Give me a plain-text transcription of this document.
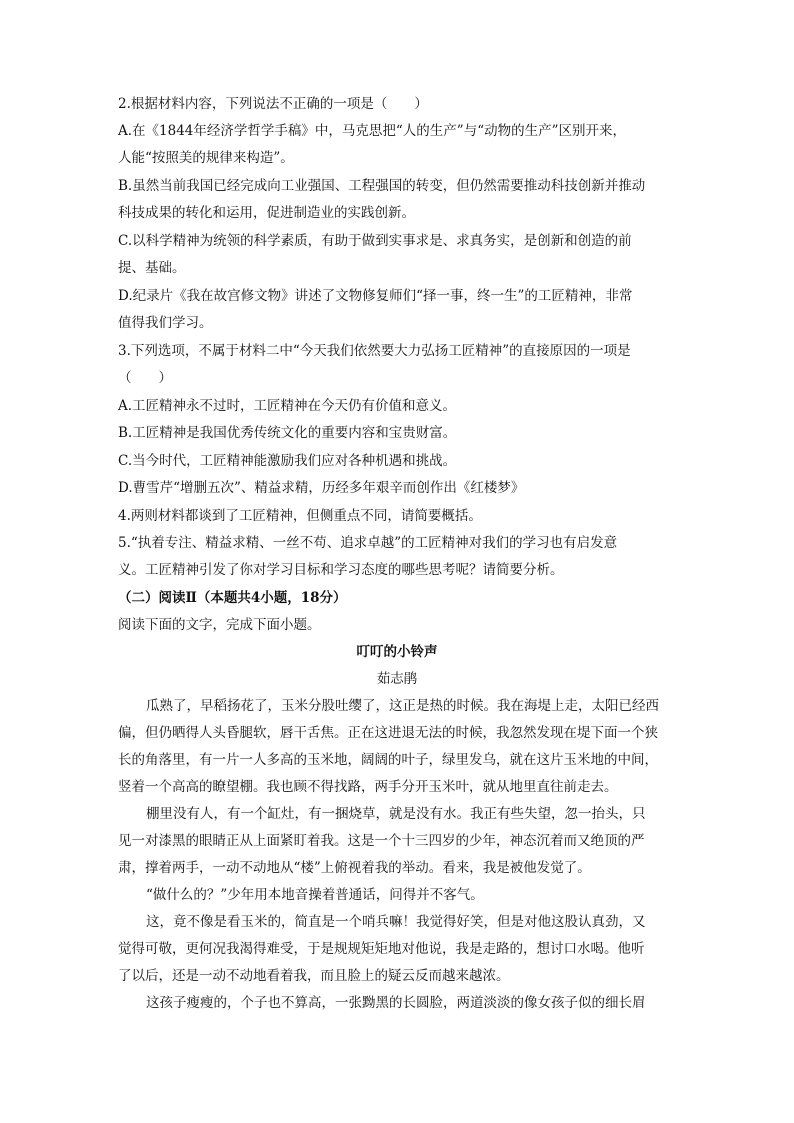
2.根据材料内容，下列说法不正确的一项是（　　）
A.在《1844年经济学哲学手稿》中，马克思把“人的生产”与“动物的生产”区别开来，
人能“按照美的规律来构造”。
B.虽然当前我国已经完成向工业强国、工程强国的转变，但仍然需要推动科技创新并推动
科技成果的转化和运用，促进制造业的实践创新。
C.以科学精神为统领的科学素质，有助于做到实事求是、求真务实，是创新和创造的前
提、基础。
D.纪录片《我在故宫修文物》讲述了文物修复师们“择一事，终一生”的工匠精神，非常
值得我们学习。
3.下列选项，不属于材料二中“今天我们依然要大力弘扬工匠精神”的直接原因的一项是
（　　）
A.工匠精神永不过时，工匠精神在今天仍有价值和意义。
B.工匠精神是我国优秀传统文化的重要内容和宝贵财富。
C.当今时代，工匠精神能激励我们应对各种机遇和挑战。
D.曹雪芹“增删五次”、精益求精，历经多年艰辛而创作出《红楼梦》
4.两则材料都谈到了工匠精神，但侧重点不同，请简要概括。
5.“执着专注、精益求精、一丝不苟、追求卓越”的工匠精神对我们的学习也有启发意
义。工匠精神引发了你对学习目标和学习态度的哪些思考呢？请简要分析。
（二）阅读Ⅱ（本题共4小题，18分）
阅读下面的文字，完成下面小题。
叮叮的小铃声
茹志鹃
瓜熟了，早稻扬花了，玉米分股吐缨了，这正是热的时候。我在海堤上走，太阳已经西
偏，但仍晒得人头昏腿软，唇干舌焦。正在这进退无法的时候，我忽然发现在堤下面一个狭
长的角落里，有一片一人多高的玉米地，阔阔的叶子，绿里发乌，就在这片玉米地的中间，
竖着一个高高的瞭望棚。我也顾不得找路，两手分开玉米叶，就从地里直往前走去。
棚里没有人，有一个缸灶，有一捆烧草，就是没有水。我正有些失望，忽一抬头，只
见一对漆黑的眼睛正从上面紧盯着我。这是一个十三四岁的少年，神态沉着而又绝顶的严
肃，撑着两手，一动不动地从“楼”上俯视着我的举动。看来，我是被他发觉了。
“做什么的？”少年用本地音操着普通话，问得并不客气。
这，竟不像是看玉米的，简直是一个哨兵嘛！我觉得好笑，但是对他这股认真劲，又
觉得可敬，更何况我渴得难受，于是规规矩矩地对他说，我是走路的，想讨口水喝。他听
了以后，还是一动不动地看着我，而且脸上的疑云反而越来越浓。
这孩子瘦瘦的，个子也不算高，一张黝黑的长圆脸，两道淡淡的像女孩子似的细长眉
